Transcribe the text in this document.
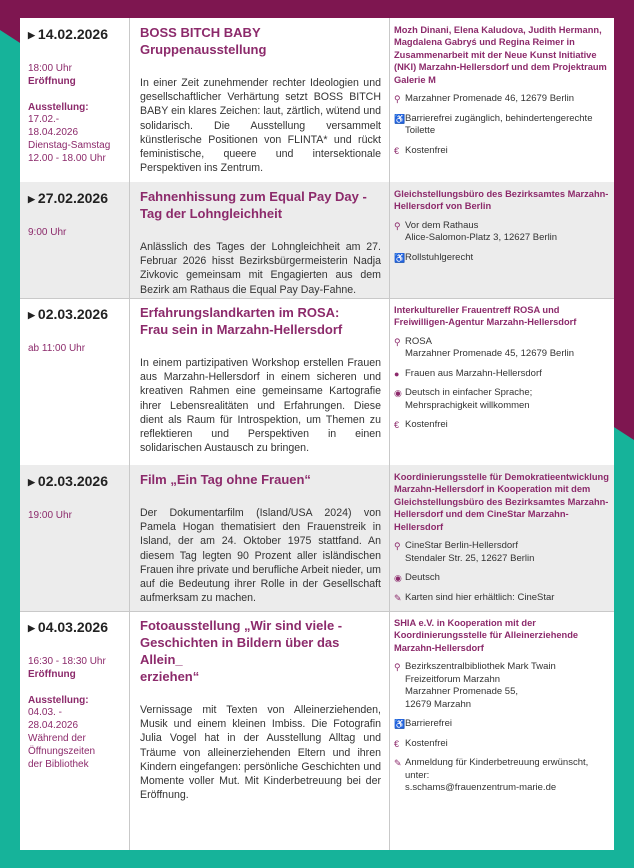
▶ 14.02.2026
18:00 Uhr
Eröffnung
Ausstellung:
17.02.-
18.04.2026
Dienstag-Samstag
12.00 - 18.00 Uhr
BOSS BITCH BABY Gruppenausstellung
In einer Zeit zunehmender rechter Ideologien und gesellschaftlicher Verhärtung setzt BOSS BITCH BABY ein klares Zeichen: laut, zärtlich, wütend und solidarisch. Die Ausstellung versammelt künstlerische Positionen von FLINTA* und rückt feministische, queere und intersektionale Perspektiven ins Zentrum.
Mozh Dinani, Elena Kaludova, Judith Hermann, Magdalena Gabryś und Regina Reimer in Zusammenarbeit mit der Neue Kunst Initiative (NKI) Marzahn-Hellersdorf und dem Projektraum Galerie M
⚲ Marzahner Promenade 46, 12679 Berlin
♿ Barrierefrei zugänglich, behindertengerechte Toilette
€ Kostenfrei
▶ 27.02.2026
9:00 Uhr
Fahnenhissung zum Equal Pay Day -
Tag der Lohngleichheit
Anlässlich des Tages der Lohngleichheit am 27. Februar 2026 hisst Bezirksbürgermeisterin Nadja Zivkovic gemeinsam mit Engagierten aus dem Bezirk am Rathaus die Equal Pay Day-Fahne.
Gleichstellungsbüro des Bezirksamtes Marzahn-Hellersdorf von Berlin
⚲ Vor dem Rathaus
Alice-Salomon-Platz 3, 12627 Berlin
♿ Rollstuhlgerecht
▶ 02.03.2026
ab 11:00 Uhr
Erfahrungslandkarten im ROSA:
Frau sein in Marzahn-Hellersdorf
In einem partizipativen Workshop erstellen Frauen aus Marzahn-Hellersdorf in einem sicheren und kreativen Rahmen eine gemeinsame Kartografie ihrer Lebensrealitäten und Erfahrungen. Diese dient als Raum für Introspektion, um Themen zu reflektieren und Perspektiven in einen solidarischen Austausch zu bringen.
Interkultureller Frauentreff ROSA und Freiwilligen-Agentur Marzahn-Hellersdorf
⚲ ROSA
Marzahner Promenade 45, 12679 Berlin
● Frauen aus Marzahn-Hellersdorf
◉ Deutsch in einfacher Sprache;
Mehrsprachigkeit willkommen
€ Kostenfrei
▶ 02.03.2026
19:00 Uhr
Film „Ein Tag ohne Frauen“
Der Dokumentarfilm (Island/USA 2024) von Pamela Hogan thematisiert den Frauenstreik in Island, der am 24. Oktober 1975 stattfand. An diesem Tag legten 90 Prozent aller isländischen Frauen ihre private und berufliche Arbeit nieder, um auf die Bedeutung ihrer Rolle in der Gesellschaft aufmerksam zu machen.
Koordinierungsstelle für Demokratieentwicklung Marzahn-Hellersdorf in Kooperation mit dem Gleichstellungsbüro des Bezirksamtes Marzahn-Hellersdorf und dem CineStar Marzahn-Hellersdorf
⚲ CineStar Berlin-Hellersdorf
Stendaler Str. 25, 12627 Berlin
◉ Deutsch
✎ Karten sind hier erhältlich: CineStar
▶ 04.03.2026
16:30 - 18:30 Uhr
Eröffnung
Ausstellung:
04.03. -
28.04.2026
Während der
Öffnungszeiten
der Bibliothek
Fotoausstellung „Wir sind viele -
Geschichten in Bildern über das Allein_
erziehen“
Vernissage mit Texten von Alleinerziehenden, Musik und einem kleinen Imbiss. Die Fotografin Julia Vogel hat in der Ausstellung Alltag und Träume von alleinerziehenden Eltern und ihren Kindern eingefangen: persönliche Geschichten und Momente voller Mut. Mit Kinderbetreuung bei der Eröffnung.
SHIA e.V. in Kooperation mit der Koordinierungsstelle für Alleinerziehende Marzahn-Hellersdorf
⚲ Bezirkszentralbibliothek Mark Twain
Freizeitforum Marzahn
Marzahner Promenade 55,
12679 Marzahn
♿ Barrierefrei
€ Kostenfrei
✎ Anmeldung für Kinderbetreuung erwünscht, unter:
s.schams@frauenzentrum-marie.de
